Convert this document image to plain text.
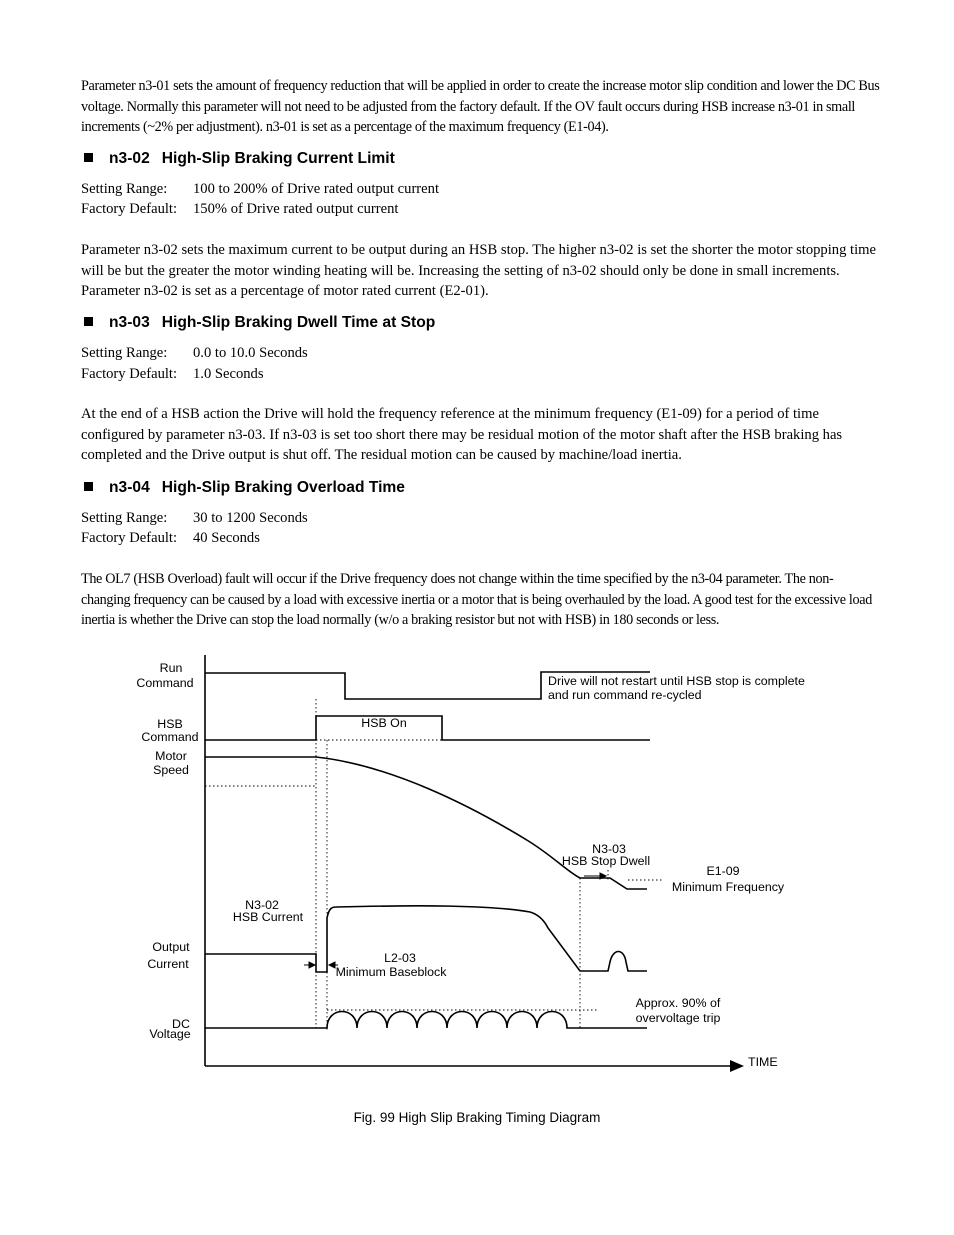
Parameter n3-01 sets the amount of frequency reduction that will be applied in order to create the increase motor slip condition and lower the DC Bus voltage. Normally this parameter will not need to be adjusted from the factory default. If the OV fault occurs during HSB increase n3-01 in small increments (~2% per adjustment). n3-01 is set as a percentage of the maximum frequency (E1-04).

n3-02 High-Slip Braking Current Limit
Setting Range: 100 to 200% of Drive rated output current
Factory Default: 150% of Drive rated output current

Parameter n3-02 sets the maximum current to be output during an HSB stop. The higher n3-02 is set the shorter the motor stopping time will be but the greater the motor winding heating will be. Increasing the setting of n3-02 should only be done in small increments. Parameter n3-02 is set as a percentage of motor rated current (E2-01).

n3-03 High-Slip Braking Dwell Time at Stop
Setting Range: 0.0 to 10.0 Seconds
Factory Default: 1.0 Seconds

At the end of a HSB action the Drive will hold the frequency reference at the minimum frequency (E1-09) for a period of time configured by parameter n3-03. If n3-03 is set too short there may be residual motion of the motor shaft after the HSB braking has completed and the Drive output is shut off. The residual motion can be caused by machine/load inertia.

n3-04 High-Slip Braking Overload Time
Setting Range: 30 to 1200 Seconds
Factory Default: 40 Seconds

The OL7 (HSB Overload) fault will occur if the Drive frequency does not change within the time specified by the n3-04 parameter. The non-changing frequency can be caused by a load with excessive inertia or a motor that is being overhauled by the load. A good test for the excessive load inertia is whether the Drive can stop the load normally (w/o a braking resistor but not with HSB) in 180 seconds or less.

Run
Command
HSB
Command
Motor
Speed
Output
Current
DC
Voltage
Drive will not restart until HSB stop is complete
and run command re-cycled
HSB On
N3-03
HSB Stop Dwell
E1-09
Minimum Frequency
N3-02
HSB Current
L2-03
Minimum Baseblock
Approx. 90% of
overvoltage trip
TIME
Fig. 99 High Slip Braking Timing Diagram
